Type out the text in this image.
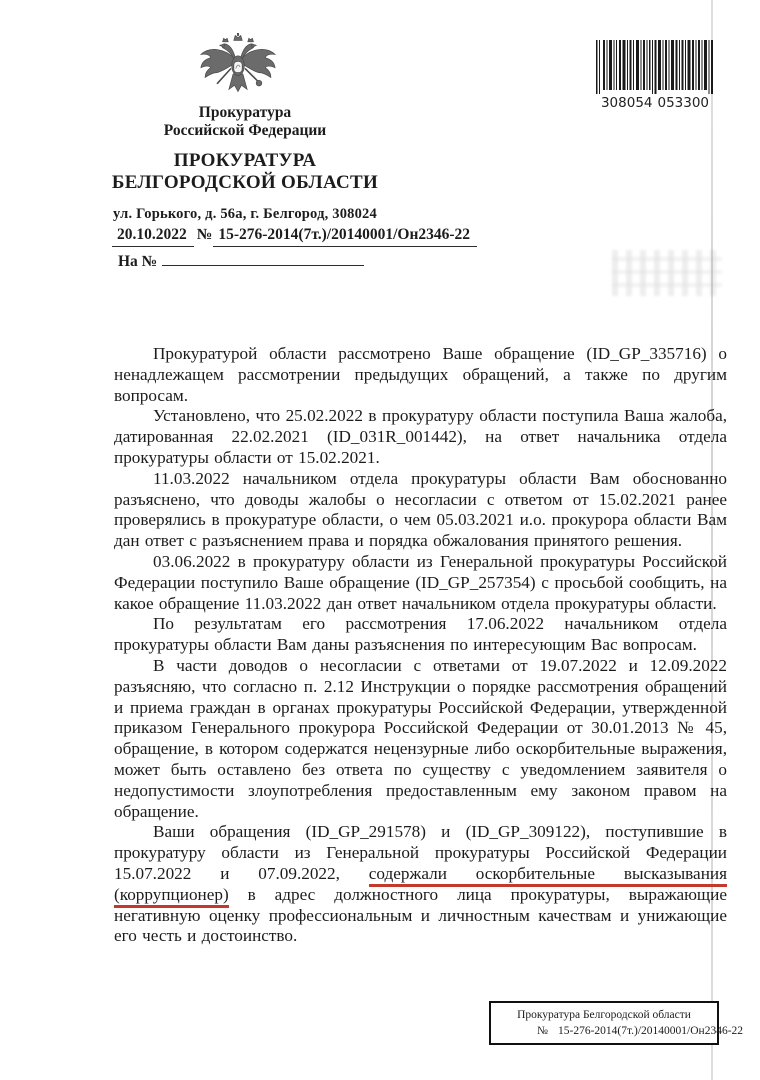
308054 053300
Прокуратура
Российской Федерации
ПРОКУРАТУРА
БЕЛГОРОДСКОЙ ОБЛАСТИ
ул. Горького, д. 56а, г. Белгород, 308024
20.10.2022 № 15-276-2014(7т.)/20140001/Он2346-22
На №

Прокуратурой области рассмотрено Ваше обращение (ID_GP_335716) о ненадлежащем рассмотрении предыдущих обращений, а также по другим вопросам.

Установлено, что 25.02.2022 в прокуратуру области поступила Ваша жалоба, датированная 22.02.2021 (ID_031R_001442), на ответ начальника отдела прокуратуры области от 15.02.2021.

11.03.2022 начальником отдела прокуратуры области Вам обоснованно разъяснено, что доводы жалобы о несогласии с ответом от 15.02.2021 ранее проверялись в прокуратуре области, о чем 05.03.2021 и.о. прокурора области Вам дан ответ с разъяснением права и порядка обжалования принятого решения.

03.06.2022 в прокуратуру области из Генеральной прокуратуры Российской Федерации поступило Ваше обращение (ID_GP_257354) с просьбой сообщить, на какое обращение 11.03.2022 дан ответ начальником отдела прокуратуры области.

По результатам его рассмотрения 17.06.2022 начальником отдела прокуратуры области Вам даны разъяснения по интересующим Вас вопросам.

В части доводов о несогласии с ответами от 19.07.2022 и 12.09.2022 разъясняю, что согласно п. 2.12 Инструкции о порядке рассмотрения обращений и приема граждан в органах прокуратуры Российской Федерации, утвержденной приказом Генерального прокурора Российской Федерации от 30.01.2013 № 45, обращение, в котором содержатся нецензурные либо оскорбительные выражения, может быть оставлено без ответа по существу с уведомлением заявителя о недопустимости злоупотребления предоставленным ему законом правом на обращение.

Ваши обращения (ID_GP_291578) и (ID_GP_309122), поступившие в прокуратуру области из Генеральной прокуратуры Российской Федерации 15.07.2022 и 07.09.2022, содержали оскорбительные высказывания (коррупционер) в адрес должностного лица прокуратуры, выражающие негативную оценку профессиональным и личностным качествам и унижающие его честь и достоинство.

Прокуратура Белгородской области
№ 15-276-2014(7т.)/20140001/Он2346-22
